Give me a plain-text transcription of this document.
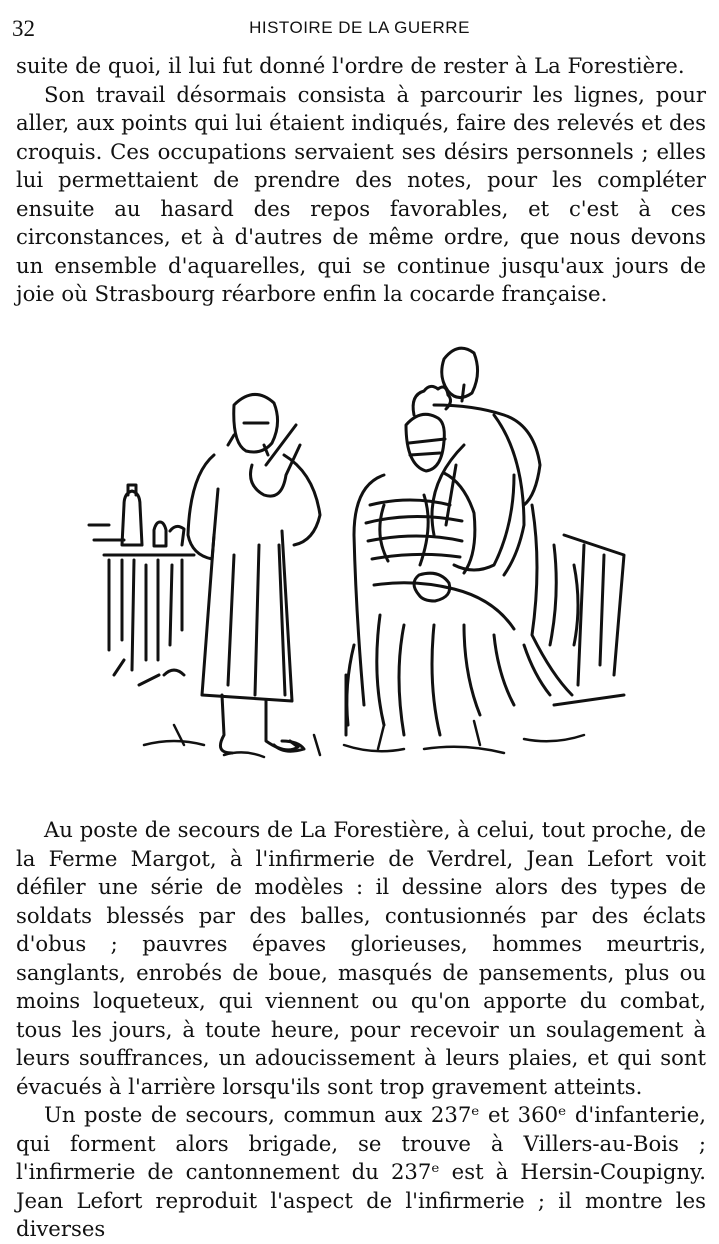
32	HISTOIRE DE LA GUERRE

suite de quoi, il lui fut donné l'ordre de rester à La Forestière.

Son travail désormais consista à parcourir les lignes, pour aller, aux points qui lui étaient indiqués, faire des relevés et des croquis. Ces occupations servaient ses désirs personnels ; elles lui permettaient de prendre des notes, pour les compléter ensuite au hasard des repos favorables, et c'est à ces circonstances, et à d'autres de même ordre, que nous devons un ensemble d'aquarelles, qui se continue jusqu'aux jours de joie où Strasbourg réarbore enfin la cocarde française.

Au poste de secours de La Forestière, à celui, tout proche, de la Ferme Margot, à l'infirmerie de Verdrel, Jean Lefort voit défiler une série de modèles : il dessine alors des types de soldats blessés par des balles, contusionnés par des éclats d'obus ; pauvres épaves glorieuses, hommes meurtris, sanglants, enrobés de boue, masqués de pansements, plus ou moins loqueteux, qui viennent ou qu'on apporte du combat, tous les jours, à toute heure, pour recevoir un soulagement à leurs souffrances, un adoucissement à leurs plaies, et qui sont évacués à l'arrière lorsqu'ils sont trop gravement atteints.

Un poste de secours, commun aux 237ᵉ et 360ᵉ d'infanterie, qui forment alors brigade, se trouve à Villers-au-Bois ; l'infirmerie de cantonnement du 237ᵉ est à Hersin-Coupigny. Jean Lefort reproduit l'aspect de l'infirmerie ; il montre les diverses
